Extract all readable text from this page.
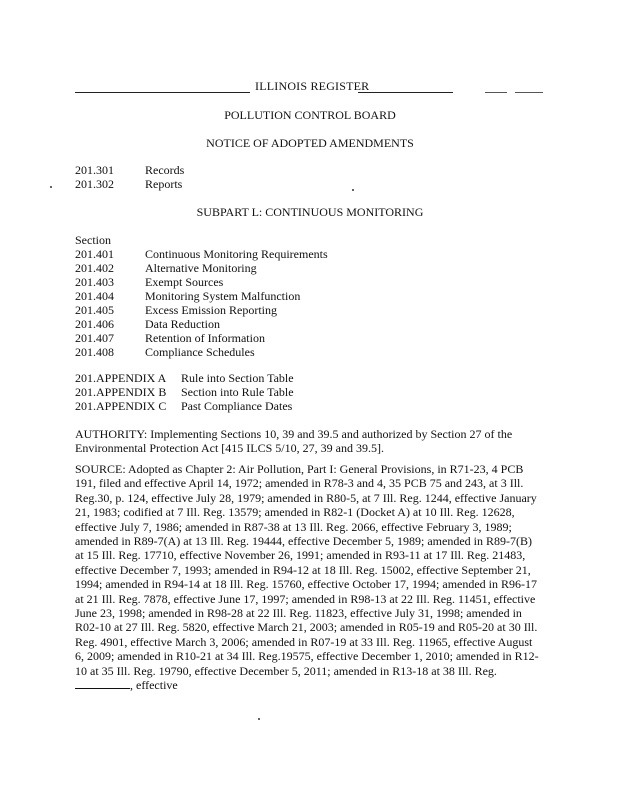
ILLINOIS REGISTER
POLLUTION CONTROL BOARD
NOTICE OF ADOPTED AMENDMENTS
201.301	Records
201.302	Reports
SUBPART L: CONTINUOUS MONITORING
Section
201.401	Continuous Monitoring Requirements
201.402	Alternative Monitoring
201.403	Exempt Sources
201.404	Monitoring System Malfunction
201.405	Excess Emission Reporting
201.406	Data Reduction
201.407	Retention of Information
201.408	Compliance Schedules
201.APPENDIX A Rule into Section Table
201.APPENDIX B Section into Rule Table
201.APPENDIX C Past Compliance Dates
AUTHORITY: Implementing Sections 10, 39 and 39.5 and authorized by Section 27 of the
Environmental Protection Act [415 ILCS 5/10, 27, 39 and 39.5].
SOURCE: Adopted as Chapter 2: Air Pollution, Part I: General Provisions, in R71-23, 4 PCB
191, filed and effective April 14, 1972; amended in R78-3 and 4, 35 PCB 75 and 243, at 3 Ill.
Reg.30, p. 124, effective July 28, 1979; amended in R80-5, at 7 Ill. Reg. 1244, effective January
21, 1983; codified at 7 Ill. Reg. 13579; amended in R82-1 (Docket A) at 10 Ill. Reg. 12628,
effective July 7, 1986; amended in R87-38 at 13 Ill. Reg. 2066, effective February 3, 1989;
amended in R89-7(A) at 13 Ill. Reg. 19444, effective December 5, 1989; amended in R89-7(B)
at 15 Ill. Reg. 17710, effective November 26, 1991; amended in R93-11 at 17 Ill. Reg. 21483,
effective December 7, 1993; amended in R94-12 at 18 Ill. Reg. 15002, effective September 21,
1994; amended in R94-14 at 18 Ill. Reg. 15760, effective October 17, 1994; amended in R96-17
at 21 Ill. Reg. 7878, effective June 17, 1997; amended in R98-13 at 22 Ill. Reg. 11451, effective
June 23, 1998; amended in R98-28 at 22 Ill. Reg. 11823, effective July 31, 1998; amended in
R02-10 at 27 Ill. Reg. 5820, effective March 21, 2003; amended in R05-19 and R05-20 at 30 Ill.
Reg. 4901, effective March 3, 2006; amended in R07-19 at 33 Ill. Reg. 11965, effective August
6, 2009; amended in R10-21 at 34 Ill. Reg.19575, effective December 1, 2010; amended in R12-
10 at 35 Ill. Reg. 19790, effective December 5, 2011; amended in R13-18 at 38 Ill. Reg.
, effective
